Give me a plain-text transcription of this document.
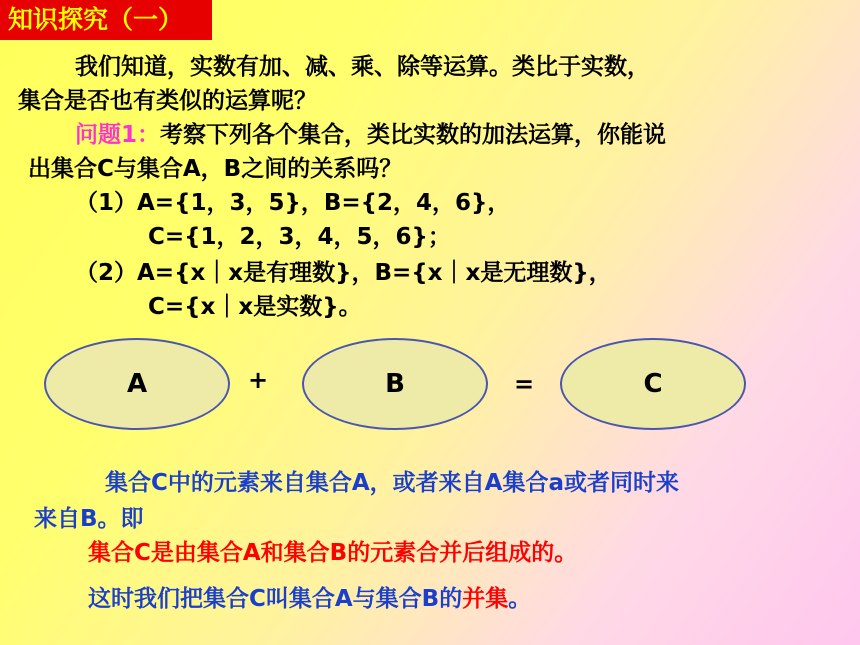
知识探究（一）
我们知道，实数有加、减、乘、除等运算。类比于实数，
集合是否也有类似的运算呢？
问题1：考察下列各个集合，类比实数的加法运算，你能说
出集合C与集合A，B之间的关系吗？
（1）A={1，3，5}，B={2，4，6}，
C={1，2，3，4，5，6}；
（2）A={x｜x是有理数}，B={x｜x是无理数}，
C={x｜x是实数}。
A	+	B	=	C
集合C中的元素来自集合A，或者来自A集合a或者同时来
来自B。即
集合C是由集合A和集合B的元素合并后组成的。
这时我们把集合C叫集合A与集合B的并集。
